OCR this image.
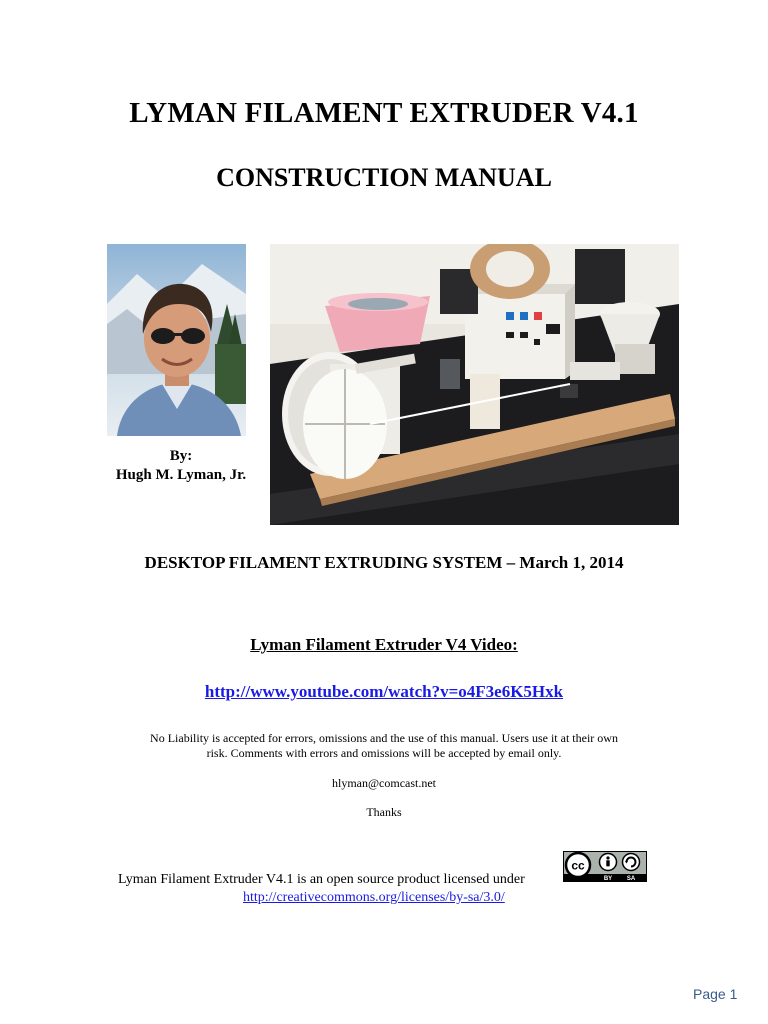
LYMAN FILAMENT EXTRUDER V4.1
CONSTRUCTION MANUAL
By:
Hugh M. Lyman, Jr.
DESKTOP FILAMENT EXTRUDING SYSTEM – March 1, 2014
Lyman Filament Extruder V4 Video:
http://www.youtube.com/watch?v=o4F3e6K5Hxk
No Liability is accepted for errors, omissions and the use of this manual. Users use it at their own risk. Comments with errors and omissions will be accepted by email only.
hlyman@comcast.net
Thanks
Lyman Filament Extruder V4.1 is an open source product licensed under
http://creativecommons.org/licenses/by-sa/3.0/
cc
BY SA
Page 1
